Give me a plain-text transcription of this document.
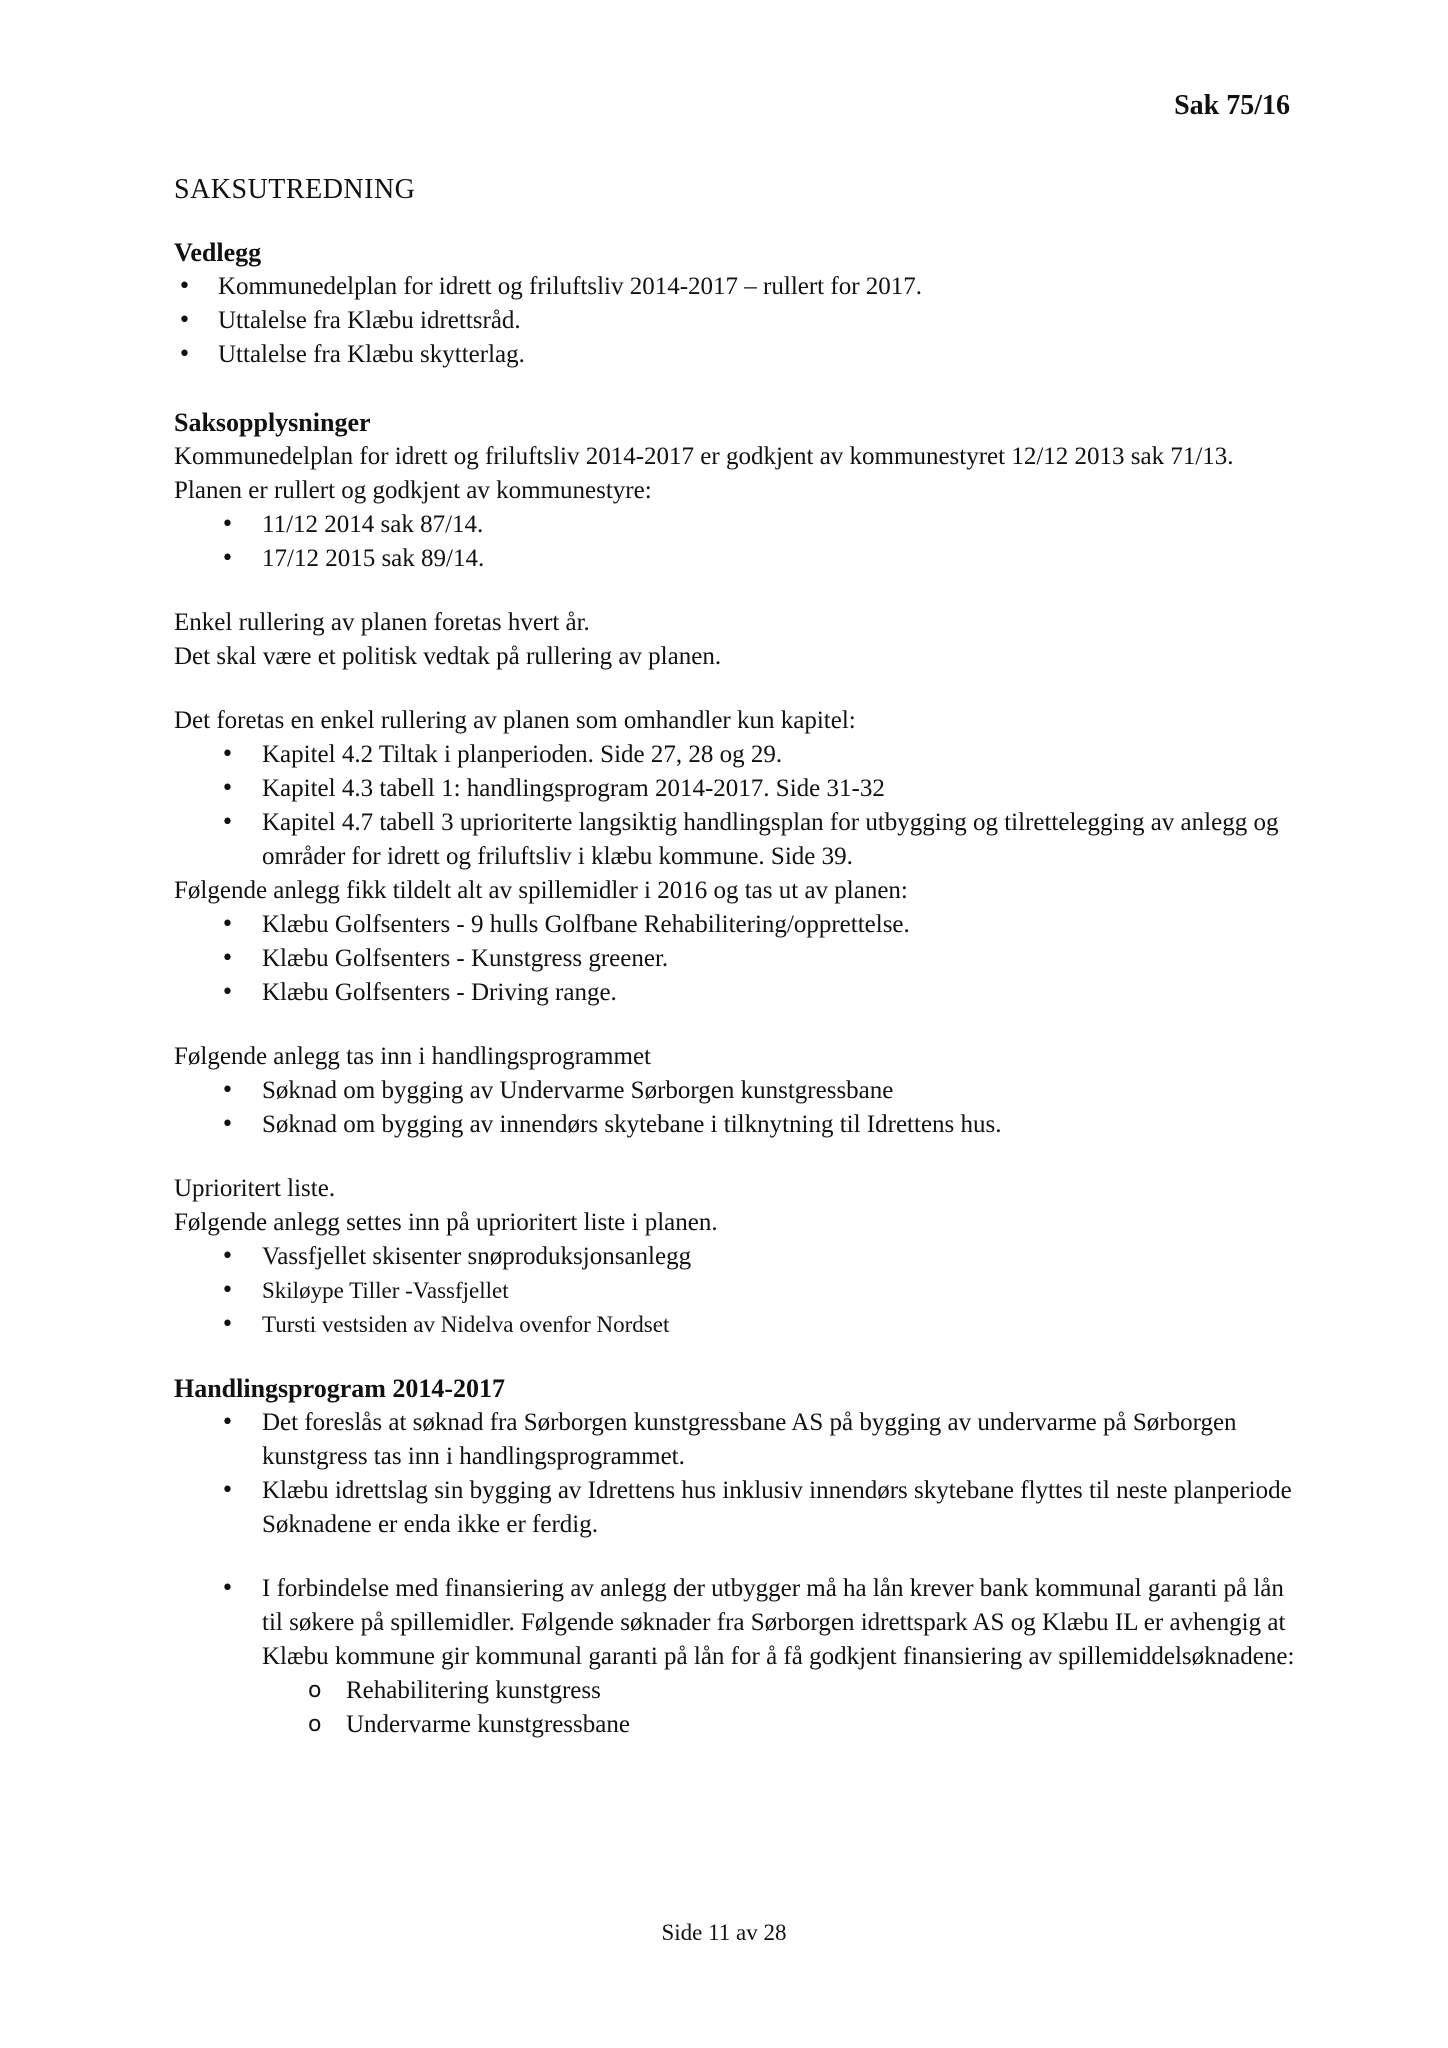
Sak 75/16
SAKSUTREDNING
Vedlegg
• Kommunedelplan for idrett og friluftsliv 2014-2017 – rullert for 2017.
• Uttalelse fra Klæbu idrettsråd.
• Uttalelse fra Klæbu skytterlag.
Saksopplysninger

Kommunedelplan for idrett og friluftsliv 2014-2017 er godkjent av kommunestyret 12/12 2013 sak 71/13.

Planen er rullert og godkjent av kommunestyre:

• 11/12 2014 sak 87/14.
• 17/12 2015 sak 89/14.

Enkel rullering av planen foretas hvert år.

Det skal være et politisk vedtak på rullering av planen.

Det foretas en enkel rullering av planen som omhandler kun kapitel:

• Kapitel 4.2 Tiltak i planperioden. Side 27, 28 og 29.
• Kapitel 4.3 tabell 1: handlingsprogram 2014-2017. Side 31-32
• Kapitel 4.7 tabell 3 uprioriterte langsiktig handlingsplan for utbygging og tilrettelegging av anlegg og områder for idrett og friluftsliv i klæbu kommune. Side 39.

Følgende anlegg fikk tildelt alt av spillemidler i 2016 og tas ut av planen:

• Klæbu Golfsenters - 9 hulls Golfbane Rehabilitering/opprettelse.
• Klæbu Golfsenters - Kunstgress greener.
• Klæbu Golfsenters - Driving range.

Følgende anlegg tas inn i handlingsprogrammet

• Søknad om bygging av Undervarme Sørborgen kunstgressbane
• Søknad om bygging av innendørs skytebane i tilknytning til Idrettens hus.

Uprioritert liste.

Følgende anlegg settes inn på uprioritert liste i planen.

• Vassfjellet skisenter snøproduksjonsanlegg
• Skiløype Tiller -Vassfjellet
• Tursti vestsiden av Nidelva ovenfor Nordset
Handlingsprogram 2014-2017
• Det foreslås at søknad fra Sørborgen kunstgressbane AS på bygging av undervarme på Sørborgen kunstgress tas inn i handlingsprogrammet.
• Klæbu idrettslag sin bygging av Idrettens hus inklusiv innendørs skytebane flyttes til neste planperiode Søknadene er enda ikke er ferdig.
• I forbindelse med finansiering av anlegg der utbygger må ha lån krever bank kommunal garanti på lån til søkere på spillemidler. Følgende søknader fra Sørborgen idrettspark AS og Klæbu IL er avhengig at Klæbu kommune gir kommunal garanti på lån for å få godkjent finansiering av spillemiddelsøknadene:
o Rehabilitering kunstgress
o Undervarme kunstgressbane
Side 11 av 28
